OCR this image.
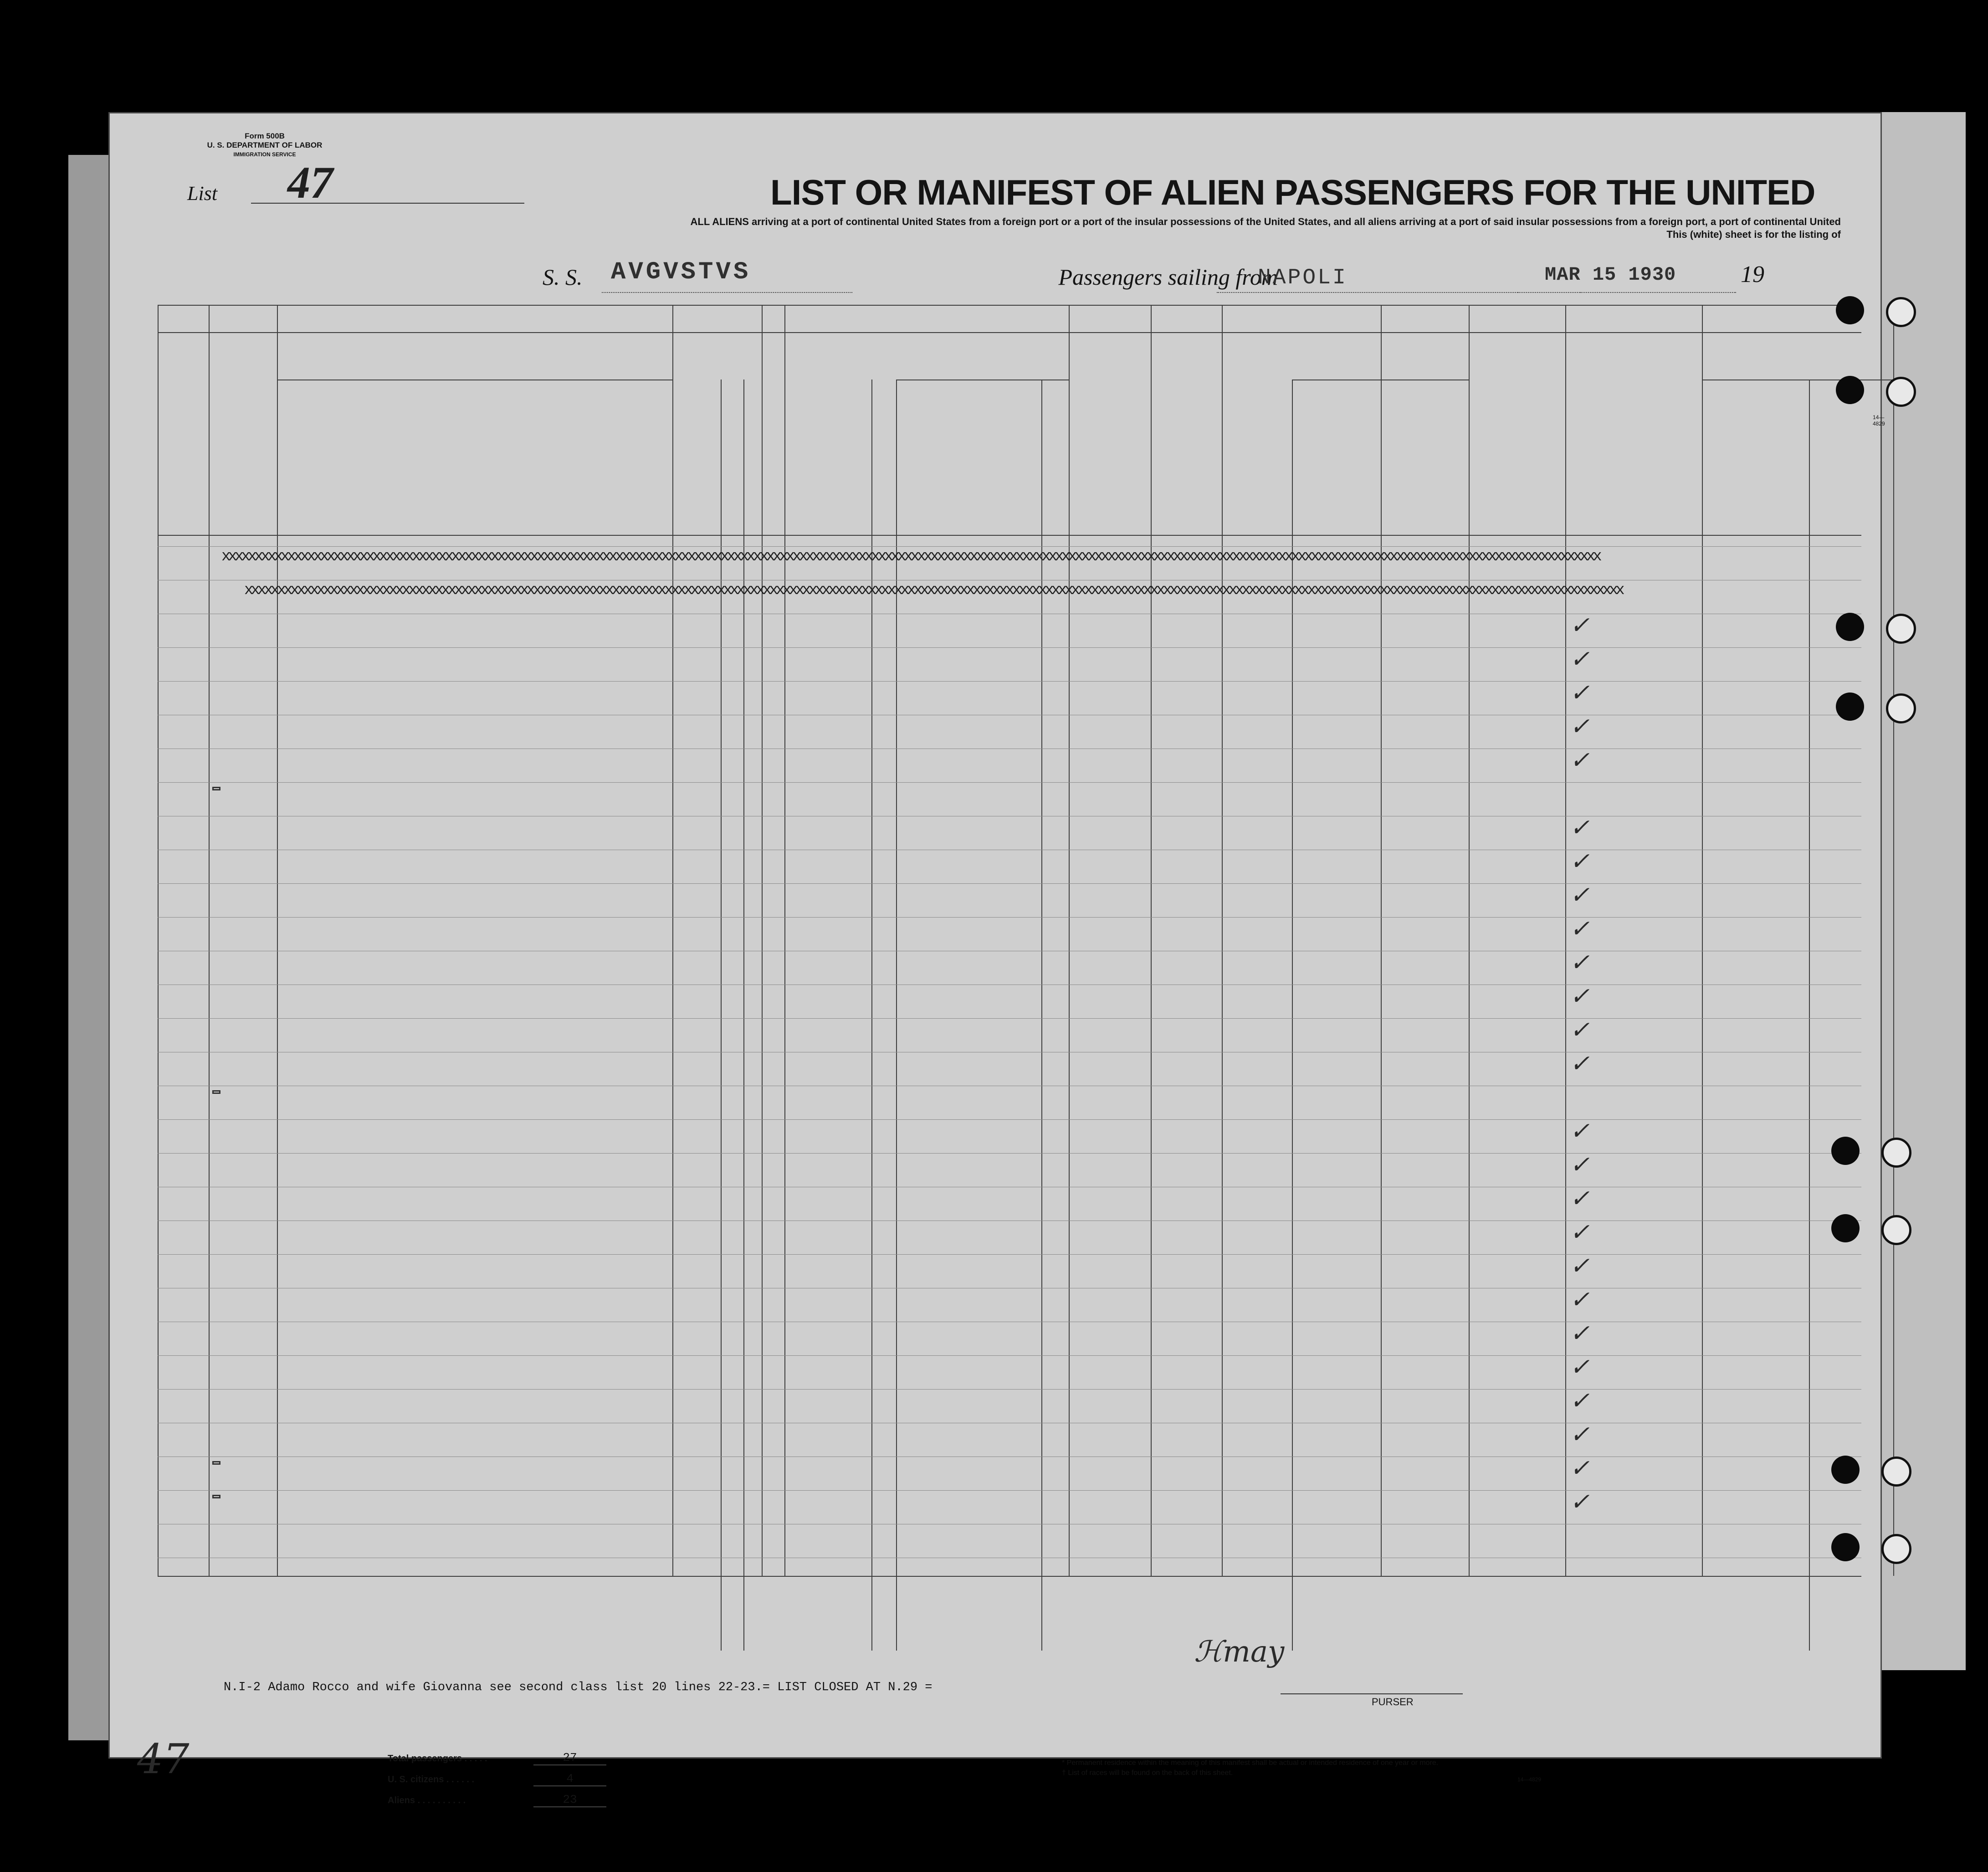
Form 500B
U. S. DEPARTMENT OF LABOR
IMMIGRATION SERVICE
List 47	LIST OR MANIFEST OF ALIEN PASSENGERS FOR THE UNITED
ALL ALIENS arriving at a port of continental United States from a foreign port or a port of the insular possessions of the United States, and all aliens arriving at a port of said insular possessions from a foreign port, a port of continental United
This (white) sheet is for the listing of
S. S.	Passengers sailing from
AVGVSTVS	NAPOLI	MAR 15 1930	19
14—4829
xxxxxxxxxxxxxxxxxxxxxxxxxxxxxxxxxxxxxxxxxxxxxxxxxxxxxxxxxxxxxxxxxxxxxxxxxxxxxxxxxxxxxxxxxxxxxxxxxxxxxxxxxxxxxxxxxxxxxxxxxxxxxxxxxxxxxxxxxxxxxxxxxxxxxxxxxxxxxxxxxxxxxxxxxxxxxxxxxxxxxxxxxxxxxxxxxxxxxxxxxxxxxxxxxx
xxxxxxxxxxxxxxxxxxxxxxxxxxxxxxxxxxxxxxxxxxxxxxxxxxxxxxxxxxxxxxxxxxxxxxxxxxxxxxxxxxxxxxxxxxxxxxxxxxxxxxxxxxxxxxxxxxxxxxxxxxxxxxxxxxxxxxxxxxxxxxxxxxxxxxxxxxxxxxxxxxxxxxxxxxxxxxxxxxxxxxxxxxxxxxxxxxxxxxxxxxxxxxxxxx
✓
✓
✓
✓
✓
✓
✓
✓
✓
✓
✓
✓
✓
✓
✓
✓
✓
✓
✓
✓
✓
✓
✓
✓
✓
N.I-2 Adamo Rocco and wife Giovanna see second class list 20 lines 22-23.= LIST CLOSED AT N.29 =
ℋmay
PURSER
47	Total passengers . . . . .	27
U. S. citizens . . . . . .	4
Aliens . . . . . . . . . .	23
* Permanent residence within the meaning of this manifest shall be actual or intended residence of one year or more.
† List of races will be found on the back of this sheet.
14—4829
